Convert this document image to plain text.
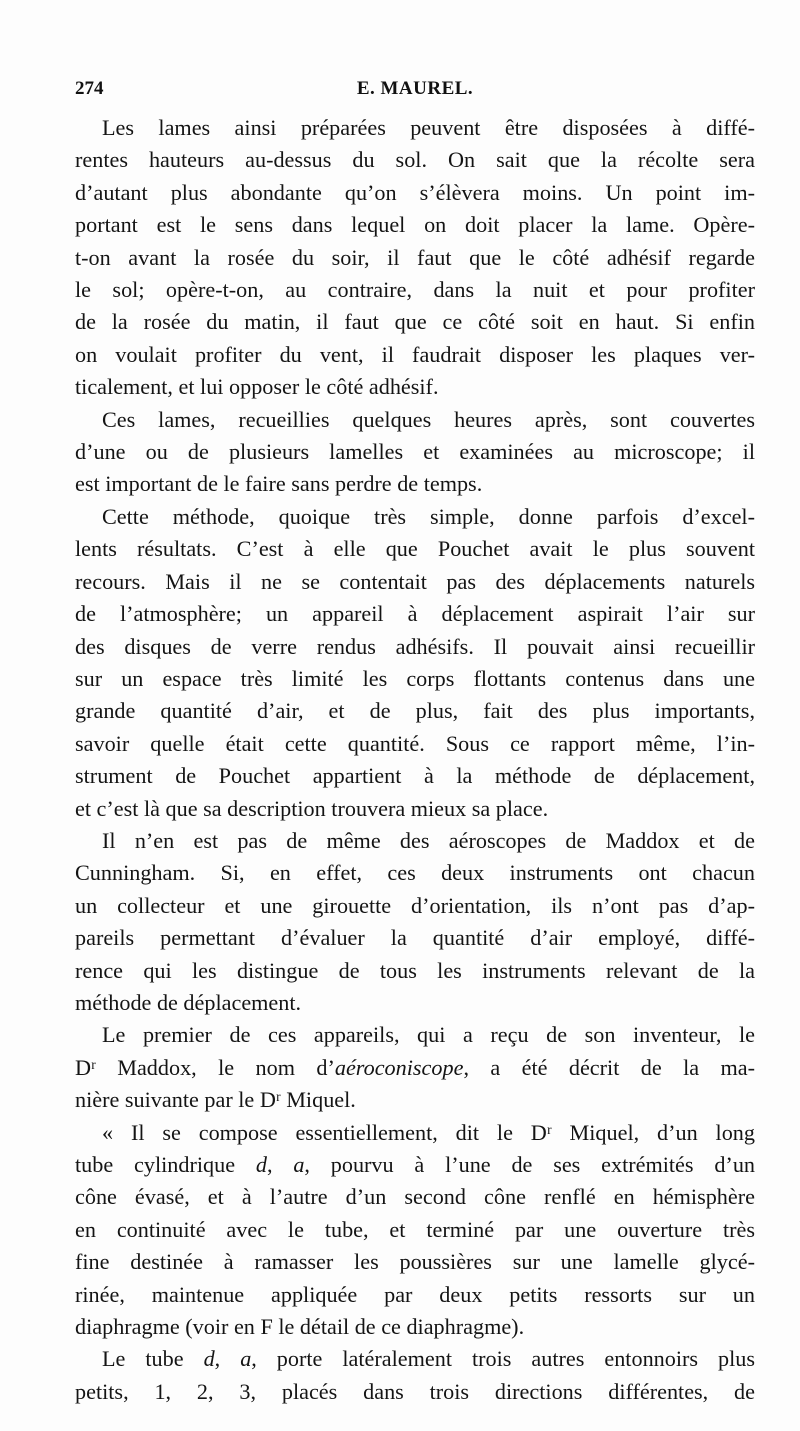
274	E. MAUREL.

Les lames ainsi préparées peuvent être disposées à diffé-
rentes hauteurs au-dessus du sol. On sait que la récolte sera
d’autant plus abondante qu’on s’élèvera moins. Un point im-
portant est le sens dans lequel on doit placer la lame. Opère-
t-on avant la rosée du soir, il faut que le côté adhésif regarde
le sol; opère-t-on, au contraire, dans la nuit et pour profiter
de la rosée du matin, il faut que ce côté soit en haut. Si enfin
on voulait profiter du vent, il faudrait disposer les plaques ver-
ticalement, et lui opposer le côté adhésif.

Ces lames, recueillies quelques heures après, sont couvertes
d’une ou de plusieurs lamelles et examinées au microscope; il
est important de le faire sans perdre de temps.

Cette méthode, quoique très simple, donne parfois d’excel-
lents résultats. C’est à elle que Pouchet avait le plus souvent
recours. Mais il ne se contentait pas des déplacements naturels
de l’atmosphère; un appareil à déplacement aspirait l’air sur
des disques de verre rendus adhésifs. Il pouvait ainsi recueillir
sur un espace très limité les corps flottants contenus dans une
grande quantité d’air, et de plus, fait des plus importants,
savoir quelle était cette quantité. Sous ce rapport même, l’in-
strument de Pouchet appartient à la méthode de déplacement,
et c’est là que sa description trouvera mieux sa place.

Il n’en est pas de même des aéroscopes de Maddox et de
Cunningham. Si, en effet, ces deux instruments ont chacun
un collecteur et une girouette d’orientation, ils n’ont pas d’ap-
pareils permettant d’évaluer la quantité d’air employé, diffé-
rence qui les distingue de tous les instruments relevant de la
méthode de déplacement.

Le premier de ces appareils, qui a reçu de son inventeur, le
Dʳ Maddox, le nom d’aéroconiscope, a été décrit de la ma-
nière suivante par le Dʳ Miquel.

« Il se compose essentiellement, dit le Dʳ Miquel, d’un long
tube cylindrique d, a, pourvu à l’une de ses extrémités d’un
cône évasé, et à l’autre d’un second cône renflé en hémisphère
en continuité avec le tube, et terminé par une ouverture très
fine destinée à ramasser les poussières sur une lamelle glycé-
rinée, maintenue appliquée par deux petits ressorts sur un
diaphragme (voir en F le détail de ce diaphragme).

Le tube d, a, porte latéralement trois autres entonnoirs plus
petits, 1, 2, 3, placés dans trois directions différentes, de
